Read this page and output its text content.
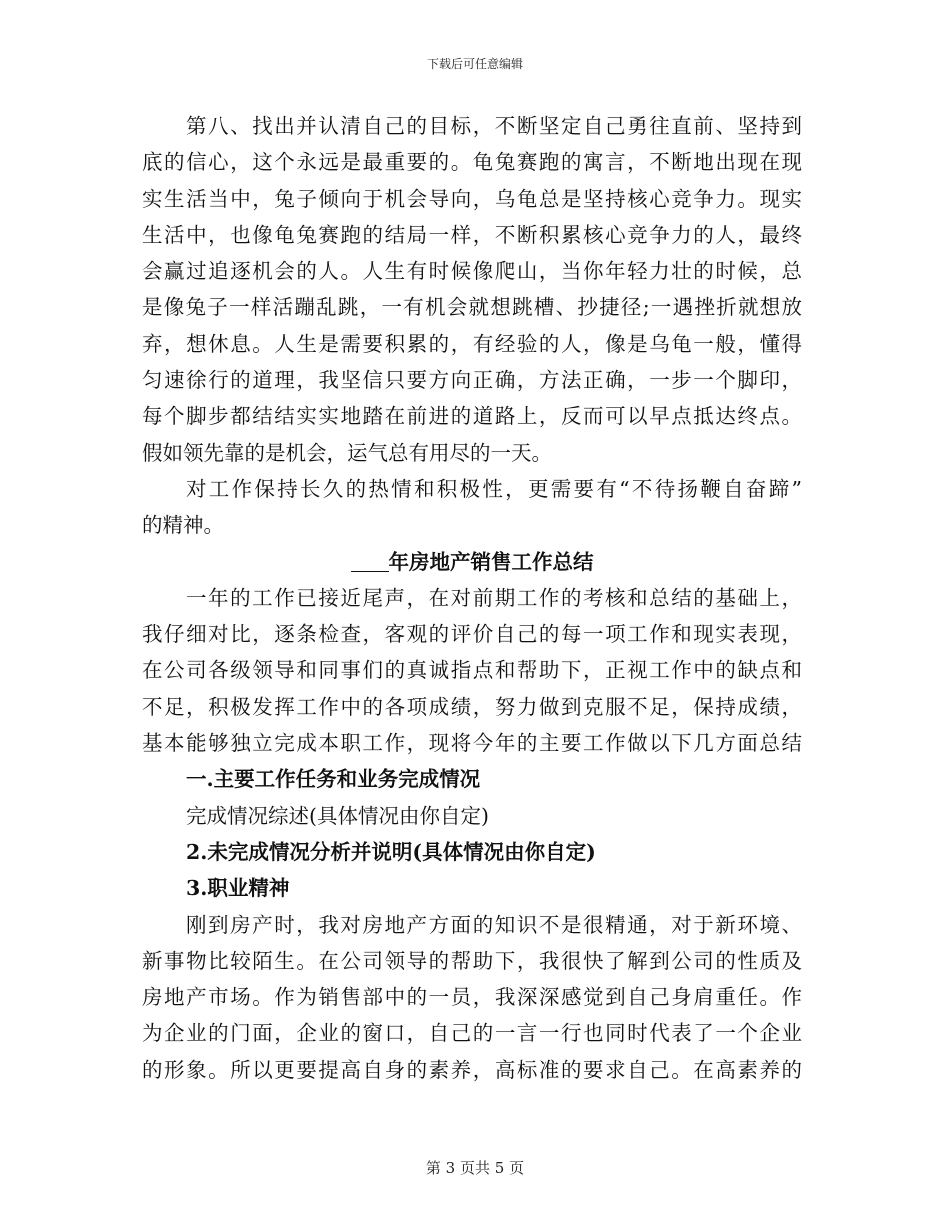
下载后可任意编辑
第八、找出并认清自己的目标，不断坚定自己勇往直前、坚持到
底的信心，这个永远是最重要的。龟兔赛跑的寓言，不断地出现在现
实生活当中，兔子倾向于机会导向，乌龟总是坚持核心竞争力。现实
生活中，也像龟兔赛跑的结局一样，不断积累核心竞争力的人，最终
会赢过追逐机会的人。人生有时候像爬山，当你年轻力壮的时候，总
是像兔子一样活蹦乱跳，一有机会就想跳槽、抄捷径;一遇挫折就想放
弃，想休息。人生是需要积累的，有经验的人，像是乌龟一般，懂得
匀速徐行的道理，我坚信只要方向正确，方法正确，一步一个脚印，
每个脚步都结结实实地踏在前进的道路上，反而可以早点抵达终点。
假如领先靠的是机会，运气总有用尽的一天。
对工作保持长久的热情和积极性，更需要有“不待扬鞭自奋蹄”
的精神。
年房地产销售工作总结
一年的工作已接近尾声，在对前期工作的考核和总结的基础上，
我仔细对比，逐条检查，客观的评价自己的每一项工作和现实表现，
在公司各级领导和同事们的真诚指点和帮助下，正视工作中的缺点和
不足，积极发挥工作中的各项成绩，努力做到克服不足，保持成绩，
基本能够独立完成本职工作，现将今年的主要工作做以下几方面总结
一.主要工作任务和业务完成情况
完成情况综述(具体情况由你自定)
2.未完成情况分析并说明(具体情况由你自定)
3.职业精神
刚到房产时，我对房地产方面的知识不是很精通，对于新环境、
新事物比较陌生。在公司领导的帮助下，我很快了解到公司的性质及
房地产市场。作为销售部中的一员，我深深感觉到自己身肩重任。作
为企业的门面，企业的窗口，自己的一言一行也同时代表了一个企业
的形象。所以更要提高自身的素养，高标准的要求自己。在高素养的
第 3 页共 5 页
